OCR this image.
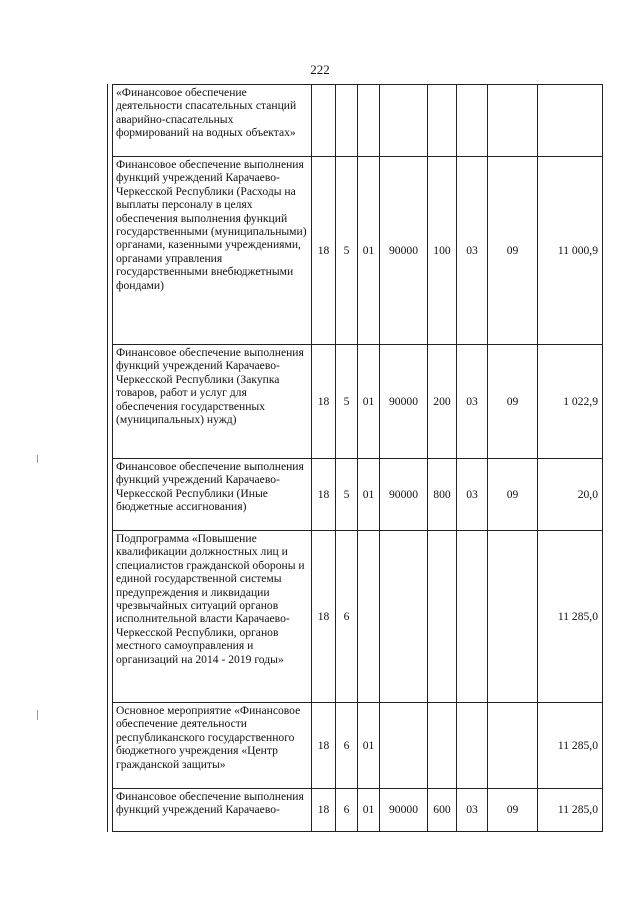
222
«Финансовое обеспечение деятельности спасательных станций аварийно-спасательных формирований на водных объектах»								
Финансовое обеспечение выполнения функций учреждений Карачаево-Черкесской Республики (Расходы на выплаты персоналу в целях обеспечения выполнения функций государственными (муниципальными) органами, казенными учреждениями, органами управления государственными внебюджетными фондами)	18	5	01	90000	100	03	09	11 000,9
Финансовое обеспечение выполнения функций учреждений Карачаево-Черкесской Республики (Закупка товаров, работ и услуг для обеспечения государственных (муниципальных) нужд)	18	5	01	90000	200	03	09	1 022,9
Финансовое обеспечение выполнения функций учреждений Карачаево-Черкесской Республики (Иные бюджетные ассигнования)	18	5	01	90000	800	03	09	20,0
Подпрограмма «Повышение квалификации должностных лиц и специалистов гражданской обороны и единой государственной системы предупреждения и ликвидации чрезвычайных ситуаций органов исполнительной власти Карачаево-Черкесской Республики, органов местного самоуправления и организаций на 2014 - 2019 годы»	18	6						11 285,0
Основное мероприятие «Финансовое обеспечение деятельности республиканского государственного бюджетного учреждения «Центр гражданской защиты»	18	6	01					11 285,0
Финансовое обеспечение выполнения функций учреждений Карачаево-	18	6	01	90000	600	03	09	11 285,0
